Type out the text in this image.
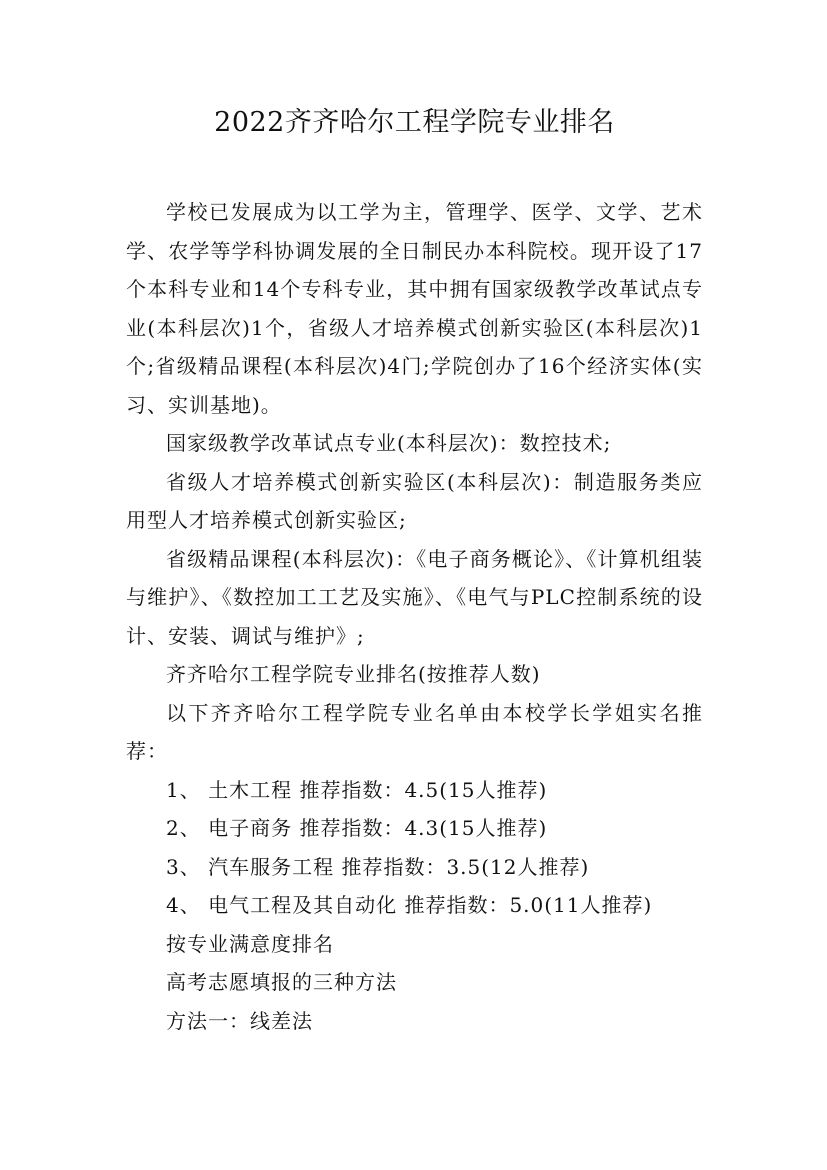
2022齐齐哈尔工程学院专业排名

学校已发展成为以工学为主，管理学、医学、文学、艺术学、农学等学科协调发展的全日制民办本科院校。现开设了17个本科专业和14个专科专业，其中拥有国家级教学改革试点专业(本科层次)1个，省级人才培养模式创新实验区(本科层次)1个;省级精品课程(本科层次)4门;学院创办了16个经济实体(实习、实训基地)。

国家级教学改革试点专业(本科层次)：数控技术;

省级人才培养模式创新实验区(本科层次)：制造服务类应用型人才培养模式创新实验区;

省级精品课程(本科层次)：《电子商务概论》、《计算机组装与维护》、《数控加工工艺及实施》、《电气与PLC控制系统的设计、安装、调试与维护》;

齐齐哈尔工程学院专业排名(按推荐人数)

以下齐齐哈尔工程学院专业名单由本校学长学姐实名推荐：

1、 土木工程 推荐指数：4.5(15人推荐)

2、 电子商务 推荐指数：4.3(15人推荐)

3、 汽车服务工程 推荐指数：3.5(12人推荐)

4、 电气工程及其自动化 推荐指数：5.0(11人推荐)

按专业满意度排名

高考志愿填报的三种方法

方法一：线差法
